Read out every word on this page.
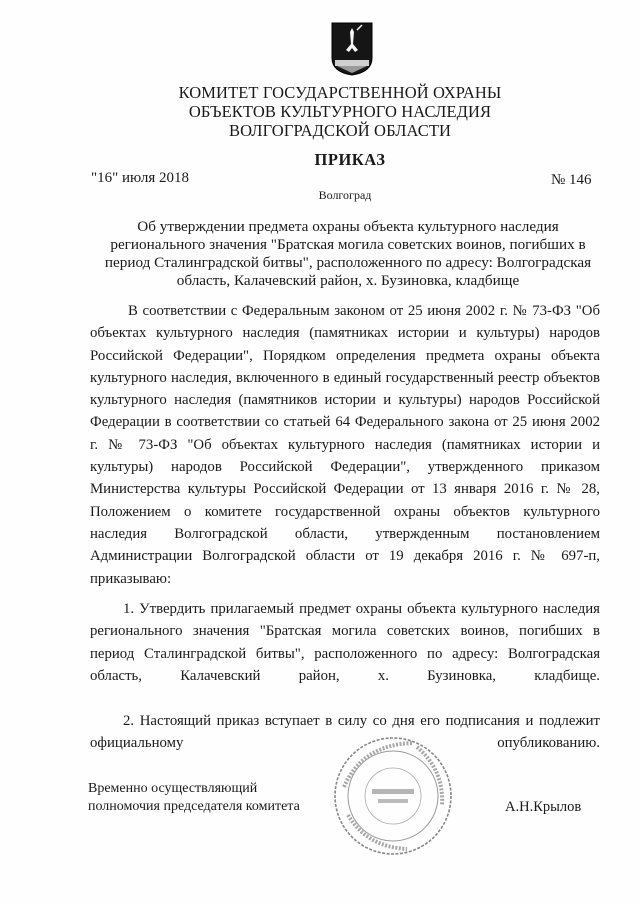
КОМИТЕТ ГОСУДАРСТВЕННОЙ ОХРАНЫ
ОБЪЕКТОВ КУЛЬТУРНОГО НАСЛЕДИЯ
ВОЛГОГРАДСКОЙ ОБЛАСТИ
ПРИКАЗ
"16" июля 2018	№ 146
Волгоград
Об утверждении предмета охраны объекта культурного наследия регионального значения "Братская могила советских воинов, погибших в период Сталинградской битвы", расположенного по адресу: Волгоградская область, Калачевский район, х. Бузиновка, кладбище
В соответствии с Федеральным законом от 25 июня 2002 г. № 73-ФЗ "Об объектах культурного наследия (памятниках истории и культуры) народов Российской Федерации", Порядком определения предмета охраны объекта культурного наследия, включенного в единый государственный реестр объектов культурного наследия (памятников истории и культуры) народов Российской Федерации в соответствии со статьей 64 Федерального закона от 25 июня 2002 г. № 73-ФЗ "Об объектах культурного наследия (памятниках истории и культуры) народов Российской Федерации", утвержденного приказом Министерства культуры Российской Федерации от 13 января 2016 г. № 28, Положением о комитете государственной охраны объектов культурного наследия Волгоградской области, утвержденным постановлением Администрации Волгоградской области от 19 декабря 2016 г. № 697-п, приказываю:
1. Утвердить прилагаемый предмет охраны объекта культурного наследия регионального значения "Братская могила советских воинов, погибших в период Сталинградской битвы", расположенного по адресу: Волгоградская область, Калачевский район, х. Бузиновка, кладбище.
2. Настоящий приказ вступает в силу со дня его подписания и подлежит официальному опубликованию.
Временно осуществляющий
полномочия председателя комитета	А.Н.Крылов
